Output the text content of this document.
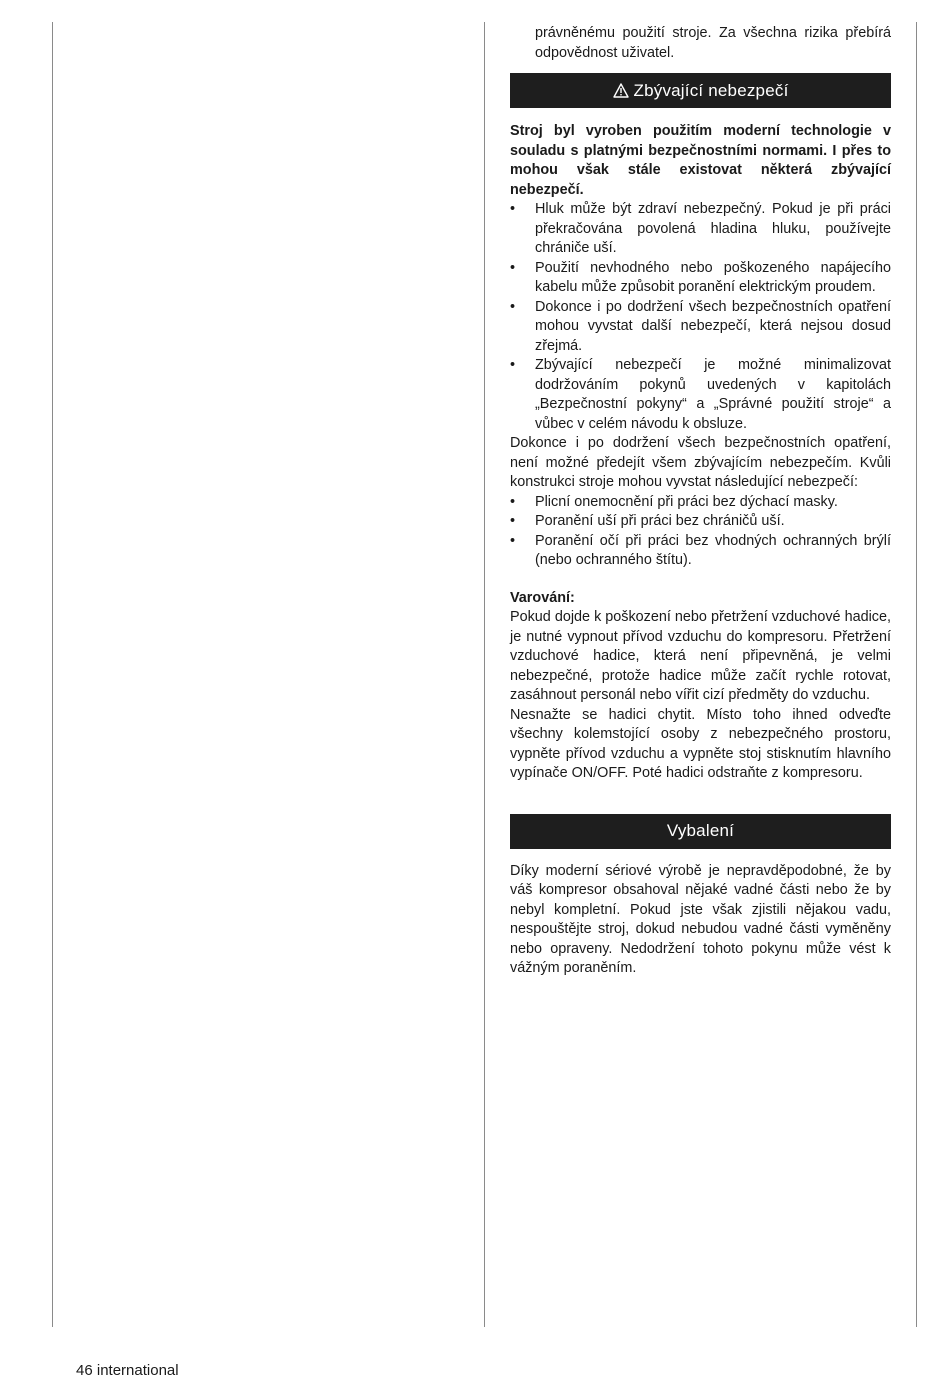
právněnému použití stroje. Za všechna rizika přebírá odpovědnost uživatel.

Zbývající nebezpečí

Stroj byl vyroben použitím moderní technologie v souladu s platnými bezpečnostními normami. I přes to mohou však stále existovat některá zbývající nebezpečí.

• Hluk může být zdraví nebezpečný. Pokud je při práci překračována povolená hladina hluku, používejte chrániče uší.
• Použití nevhodného nebo poškozeného napájecího kabelu může způsobit poranění elektrickým proudem.
• Dokonce i po dodržení všech bezpečnostních opatření mohou vyvstat další nebezpečí, která nejsou dosud zřejmá.
• Zbývající nebezpečí je možné minimalizovat dodržováním pokynů uvedených v kapitolách „Bezpečnostní pokyny“ a „Správné použití stroje“ a vůbec v celém návodu k obsluze.

Dokonce i po dodržení všech bezpečnostních opatření, není možné předejít všem zbývajícím nebezpečím. Kvůli konstrukci stroje mohou vyvstat následující nebezpečí:

• Plicní onemocnění při práci bez dýchací masky.
• Poranění uší při práci bez chráničů uší.
• Poranění očí při práci bez vhodných ochranných brýlí (nebo ochranného štítu).

Varování:

Pokud dojde k poškození nebo přetržení vzduchové hadice, je nutné vypnout přívod vzduchu do kompresoru. Přetržení vzduchové hadice, která není připevněná, je velmi nebezpečné, protože hadice může začít rychle rotovat, zasáhnout personál nebo vířit cizí předměty do vzduchu.

Nesnažte se hadici chytit. Místo toho ihned odveďte všechny kolemstojící osoby z nebezpečného prostoru, vypněte přívod vzduchu a vypněte stoj stisknutím hlavního vypínače ON/OFF. Poté hadici odstraňte z kompresoru.

Vybalení

Díky moderní sériové výrobě je nepravděpodobné, že by váš kompresor obsahoval nějaké vadné části nebo že by nebyl kompletní. Pokud jste však zjistili nějakou vadu, nespouštějte stroj, dokud nebudou vadné části vyměněny nebo opraveny. Nedodržení tohoto pokynu může vést k vážným poraněním.

46 international
